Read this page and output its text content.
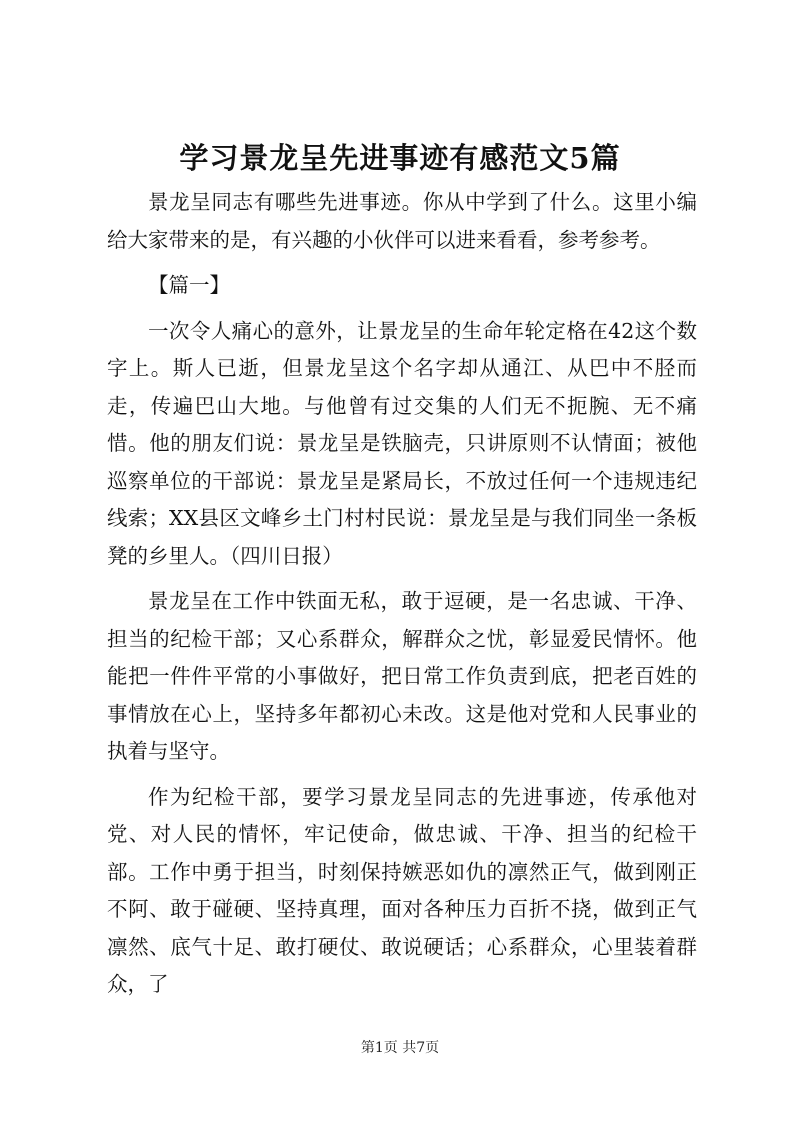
学习景龙呈先进事迹有感范文5篇

景龙呈同志有哪些先进事迹。你从中学到了什么。这里小编给大家带来的是，有兴趣的小伙伴可以进来看看，参考参考。

【篇一】

一次令人痛心的意外，让景龙呈的生命年轮定格在42这个数字上。斯人已逝，但景龙呈这个名字却从通江、从巴中不胫而走，传遍巴山大地。与他曾有过交集的人们无不扼腕、无不痛惜。他的朋友们说：景龙呈是铁脑壳，只讲原则不认情面；被他巡察单位的干部说：景龙呈是紧局长，不放过任何一个违规违纪线索；XX县区文峰乡土门村村民说：景龙呈是与我们同坐一条板凳的乡里人。（四川日报）

景龙呈在工作中铁面无私，敢于逗硬，是一名忠诚、干净、担当的纪检干部；又心系群众，解群众之忧，彰显爱民情怀。他能把一件件平常的小事做好，把日常工作负责到底，把老百姓的事情放在心上，坚持多年都初心未改。这是他对党和人民事业的执着与坚守。

作为纪检干部，要学习景龙呈同志的先进事迹，传承他对党、对人民的情怀，牢记使命，做忠诚、干净、担当的纪检干部。工作中勇于担当，时刻保持嫉恶如仇的凛然正气，做到刚正不阿、敢于碰硬、坚持真理，面对各种压力百折不挠，做到正气凛然、底气十足、敢打硬仗、敢说硬话；心系群众，心里装着群众，了

第1页 共7页
